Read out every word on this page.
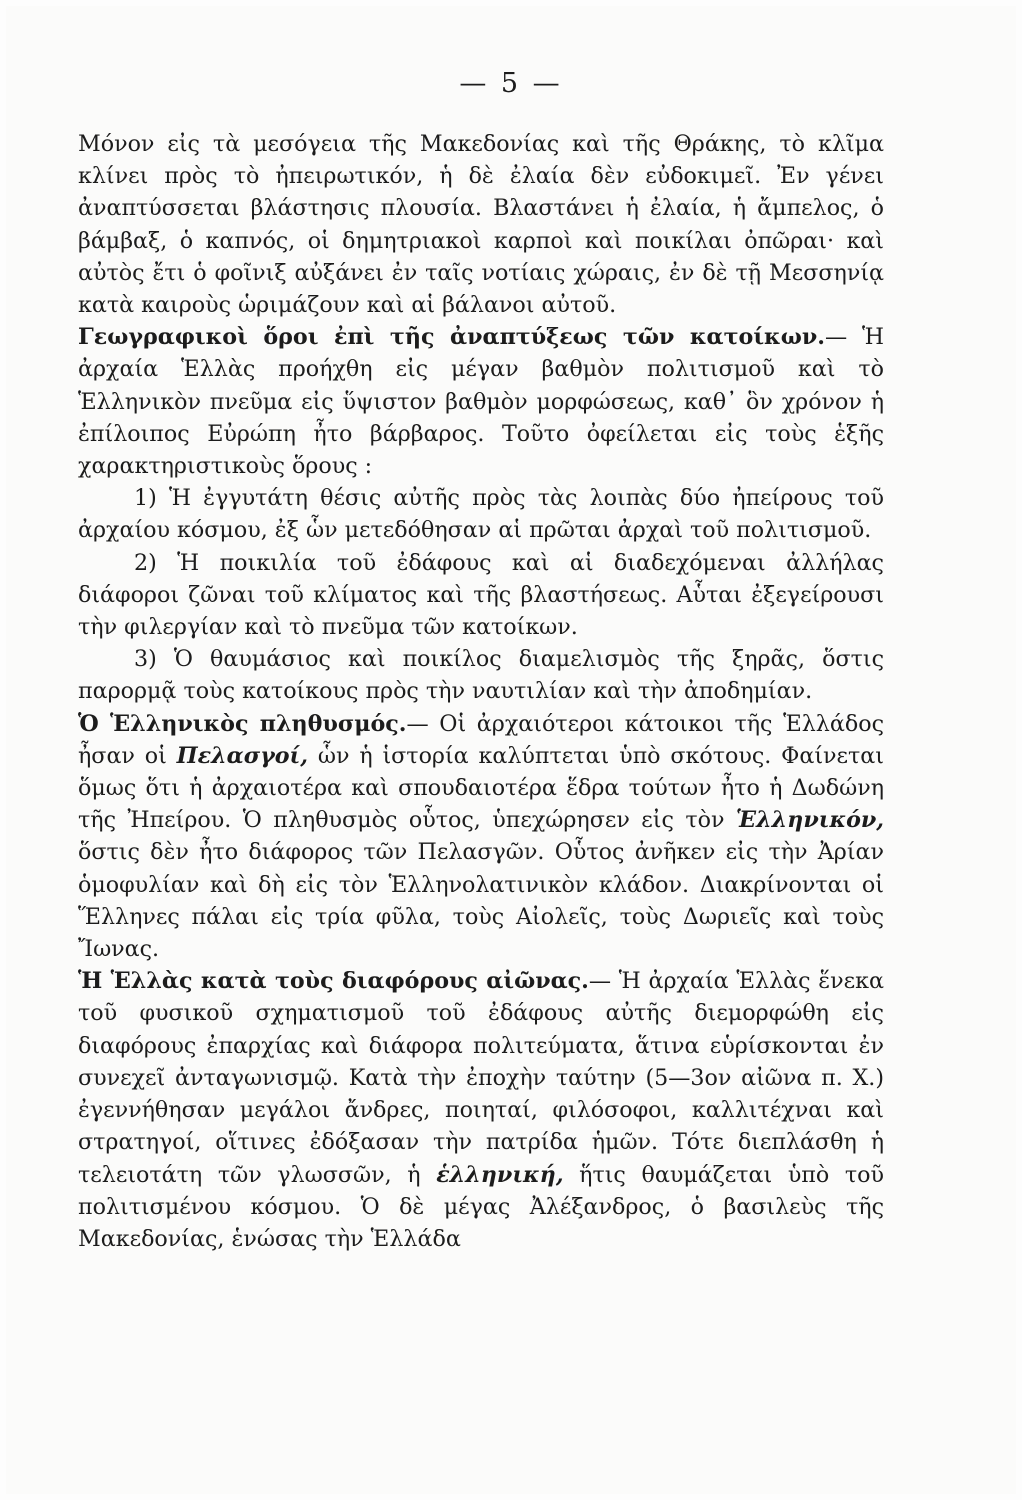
— 5 —

Μόνον εἰς τὰ μεσόγεια τῆς Μακεδονίας καὶ τῆς Θράκης, τὸ κλῖμα κλίνει πρὸς τὸ ἠπειρωτικόν, ἡ δὲ ἐλαία δὲν εὐδοκιμεῖ. Ἐν γένει ἀναπτύσσεται βλάστησις πλουσία. Βλαστάνει ἡ ἐλαία, ἡ ἄμπελος, ὁ βάμβαξ, ὁ καπνός, οἱ δημητριακοὶ καρποὶ καὶ ποικίλαι ὀπῶραι· καὶ αὐτὸς ἔτι ὁ φοῖνιξ αὐξάνει ἐν ταῖς νοτίαις χώραις, ἐν δὲ τῇ Μεσσηνίᾳ κατὰ καιροὺς ὡριμάζουν καὶ αἱ βάλανοι αὐτοῦ.

Γεωγραφικοὶ ὅροι ἐπὶ τῆς ἀναπτύξεως τῶν κατοίκων.— Ἡ ἀρχαία Ἑλλὰς προήχθη εἰς μέγαν βαθμὸν πολιτισμοῦ καὶ τὸ Ἑλληνικὸν πνεῦμα εἰς ὕψιστον βαθμὸν μορφώσεως, καθ᾽ ὃν χρόνον ἡ ἐπίλοιπος Εὐρώπη ἦτο βάρβαρος. Τοῦτο ὀφείλεται εἰς τοὺς ἑξῆς χαρακτηριστικοὺς ὅρους :

1) Ἡ ἐγγυτάτη θέσις αὐτῆς πρὸς τὰς λοιπὰς δύο ἠπείρους τοῦ ἀρχαίου κόσμου, ἐξ ὧν μετεδόθησαν αἱ πρῶται ἀρχαὶ τοῦ πολιτισμοῦ.

2) Ἡ ποικιλία τοῦ ἐδάφους καὶ αἱ διαδεχόμεναι ἀλλήλας διάφοροι ζῶναι τοῦ κλίματος καὶ τῆς βλαστήσεως. Αὗται ἐξεγείρουσι τὴν φιλεργίαν καὶ τὸ πνεῦμα τῶν κατοίκων.

3) Ὁ θαυμάσιος καὶ ποικίλος διαμελισμὸς τῆς ξηρᾶς, ὅστις παρορμᾷ τοὺς κατοίκους πρὸς τὴν ναυτιλίαν καὶ τὴν ἀποδημίαν.

Ὁ Ἑλληνικὸς πληθυσμός.— Οἱ ἀρχαιότεροι κάτοικοι τῆς Ἑλλάδος ἦσαν οἱ Πελασγοί, ὧν ἡ ἱστορία καλύπτεται ὑπὸ σκότους. Φαίνεται ὅμως ὅτι ἡ ἀρχαιοτέρα καὶ σπουδαιοτέρα ἕδρα τούτων ἦτο ἡ Δωδώνη τῆς Ἠπείρου. Ὁ πληθυσμὸς οὗτος, ὑπεχώρησεν εἰς τὸν Ἑλληνικόν, ὅστις δὲν ἦτο διάφορος τῶν Πελασγῶν. Οὗτος ἀνῆκεν εἰς τὴν Ἀρίαν ὁμοφυλίαν καὶ δὴ εἰς τὸν Ἑλληνολατινικὸν κλάδον. Διακρίνονται οἱ Ἕλληνες πάλαι εἰς τρία φῦλα, τοὺς Αἰολεῖς, τοὺς Δωριεῖς καὶ τοὺς Ἴωνας.

Ἡ Ἑλλὰς κατὰ τοὺς διαφόρους αἰῶνας.— Ἡ ἀρχαία Ἑλλὰς ἕνεκα τοῦ φυσικοῦ σχηματισμοῦ τοῦ ἐδάφους αὐτῆς διεμορφώθη εἰς διαφόρους ἐπαρχίας καὶ διάφορα πολιτεύματα, ἅτινα εὑρίσκονται ἐν συνεχεῖ ἀνταγωνισμῷ. Κατὰ τὴν ἐποχὴν ταύτην (5—3ον αἰῶνα π. Χ.) ἐγεννήθησαν μεγάλοι ἄνδρες, ποιηταί, φιλόσοφοι, καλλιτέχναι καὶ στρατηγοί, οἵτινες ἐδόξασαν τὴν πατρίδα ἡμῶν. Τότε διεπλάσθη ἡ τελειοτάτη τῶν γλωσσῶν, ἡ ἑλληνική, ἥτις θαυμάζεται ὑπὸ τοῦ πολιτισμένου κόσμου. Ὁ δὲ μέγας Ἀλέξανδρος, ὁ βασιλεὺς τῆς Μακεδονίας, ἑνώσας τὴν Ἑλλάδα
